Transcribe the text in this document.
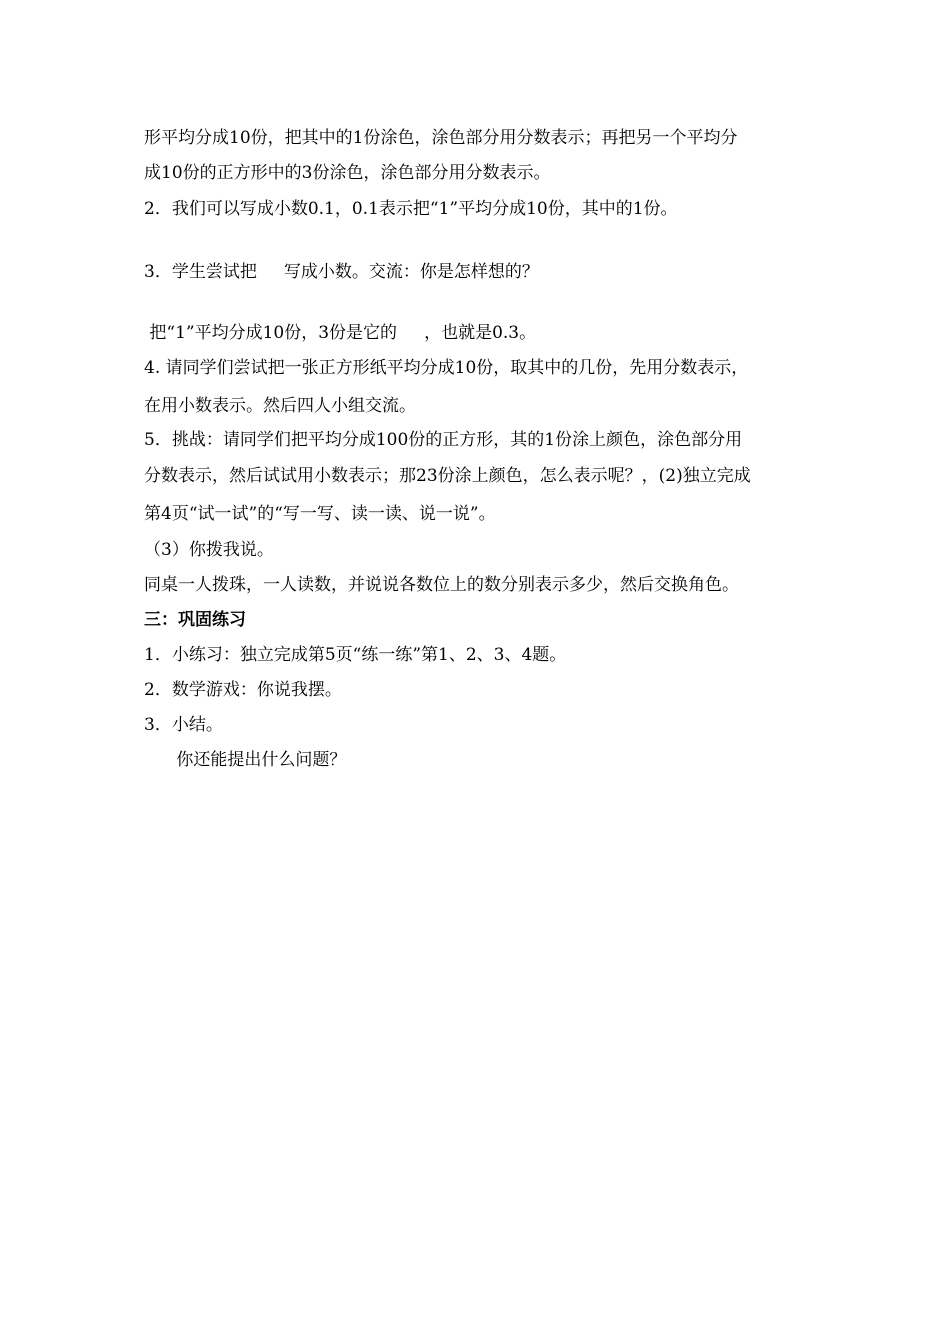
形平均分成10份，把其中的1份涂色，涂色部分用分数表示；再把另一个平均分
成10份的正方形中的3份涂色，涂色部分用分数表示。
2．我们可以写成小数0.1，0.1表示把“1”平均分成10份，其中的1份。
3．学生尝试把     写成小数。交流：你是怎样想的？
把“1”平均分成10份，3份是它的     ，也就是0.3。
4. 请同学们尝试把一张正方形纸平均分成10份，取其中的几份，先用分数表示，
在用小数表示。然后四人小组交流。
5．挑战：请同学们把平均分成100份的正方形，其的1份涂上颜色，涂色部分用
分数表示，然后试试用小数表示；那23份涂上颜色，怎么表示呢？，(2)独立完成
第4页“试一试”的“写一写、读一读、说一说”。
（3）你拨我说。
同桌一人拨珠，一人读数，并说说各数位上的数分别表示多少，然后交换角色。
三：巩固练习
1．小练习：独立完成第5页“练一练”第1、2、3、4题。
2．数学游戏：你说我摆。
3．小结。
你还能提出什么问题？
